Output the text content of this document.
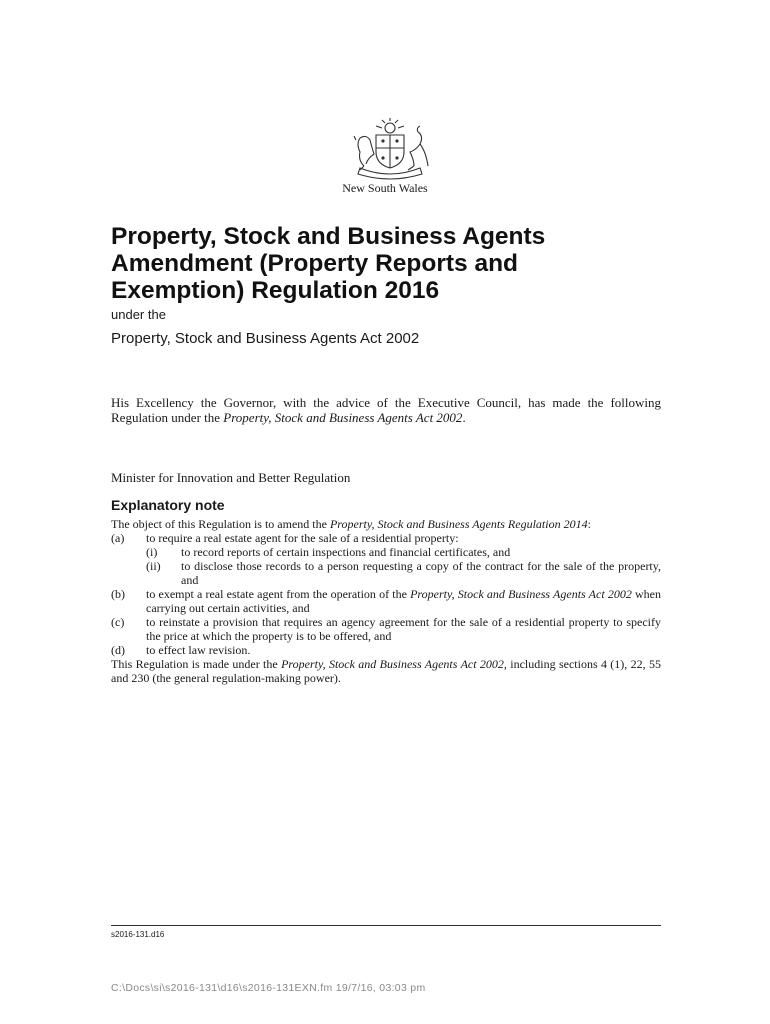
New South Wales
Property, Stock and Business Agents
Amendment (Property Reports and
Exemption) Regulation 2016
under the
Property, Stock and Business Agents Act 2002
His Excellency the Governor, with the advice of the Executive Council, has made the following Regulation under the Property, Stock and Business Agents Act 2002.
Minister for Innovation and Better Regulation
Explanatory note
The object of this Regulation is to amend the Property, Stock and Business Agents Regulation 2014:
(a)	to require a real estate agent for the sale of a residential property:
(i)	to record reports of certain inspections and financial certificates, and
(ii)	to disclose those records to a person requesting a copy of the contract for the sale of the property, and
(b)	to exempt a real estate agent from the operation of the Property, Stock and Business Agents Act 2002 when carrying out certain activities, and
(c)	to reinstate a provision that requires an agency agreement for the sale of a residential property to specify the price at which the property is to be offered, and
(d)	to effect law revision.
This Regulation is made under the Property, Stock and Business Agents Act 2002, including sections 4 (1), 22, 55 and 230 (the general regulation-making power).
s2016-131.d16
C:\Docs\si\s2016-131\d16\s2016-131EXN.fm 19/7/16, 03:03 pm
